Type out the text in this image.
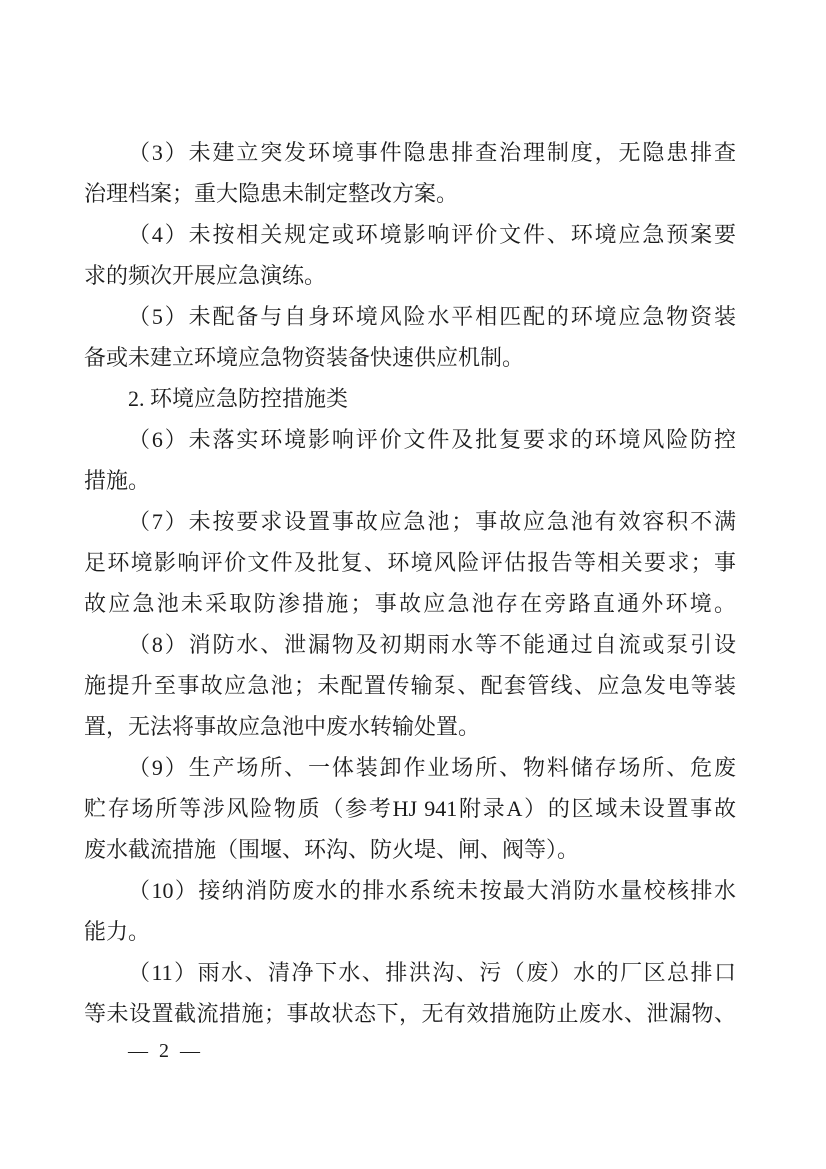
（3）未建立突发环境事件隐患排查治理制度，无隐患排查
治理档案；重大隐患未制定整改方案。
（4）未按相关规定或环境影响评价文件、环境应急预案要
求的频次开展应急演练。
（5）未配备与自身环境风险水平相匹配的环境应急物资装
备或未建立环境应急物资装备快速供应机制。
2. 环境应急防控措施类
（6）未落实环境影响评价文件及批复要求的环境风险防控
措施。
（7）未按要求设置事故应急池；事故应急池有效容积不满
足环境影响评价文件及批复、环境风险评估报告等相关要求；事
故应急池未采取防渗措施；事故应急池存在旁路直通外环境。
（8）消防水、泄漏物及初期雨水等不能通过自流或泵引设
施提升至事故应急池；未配置传输泵、配套管线、应急发电等装
置，无法将事故应急池中废水转输处置。
（9）生产场所、一体装卸作业场所、物料储存场所、危废
贮存场所等涉风险物质（参考HJ 941附录A）的区域未设置事故
废水截流措施（围堰、环沟、防火堤、闸、阀等）。
（10）接纳消防废水的排水系统未按最大消防水量校核排水
能力。
（11）雨水、清净下水、排洪沟、污（废）水的厂区总排口
等未设置截流措施；事故状态下，无有效措施防止废水、泄漏物、
— 2 —
